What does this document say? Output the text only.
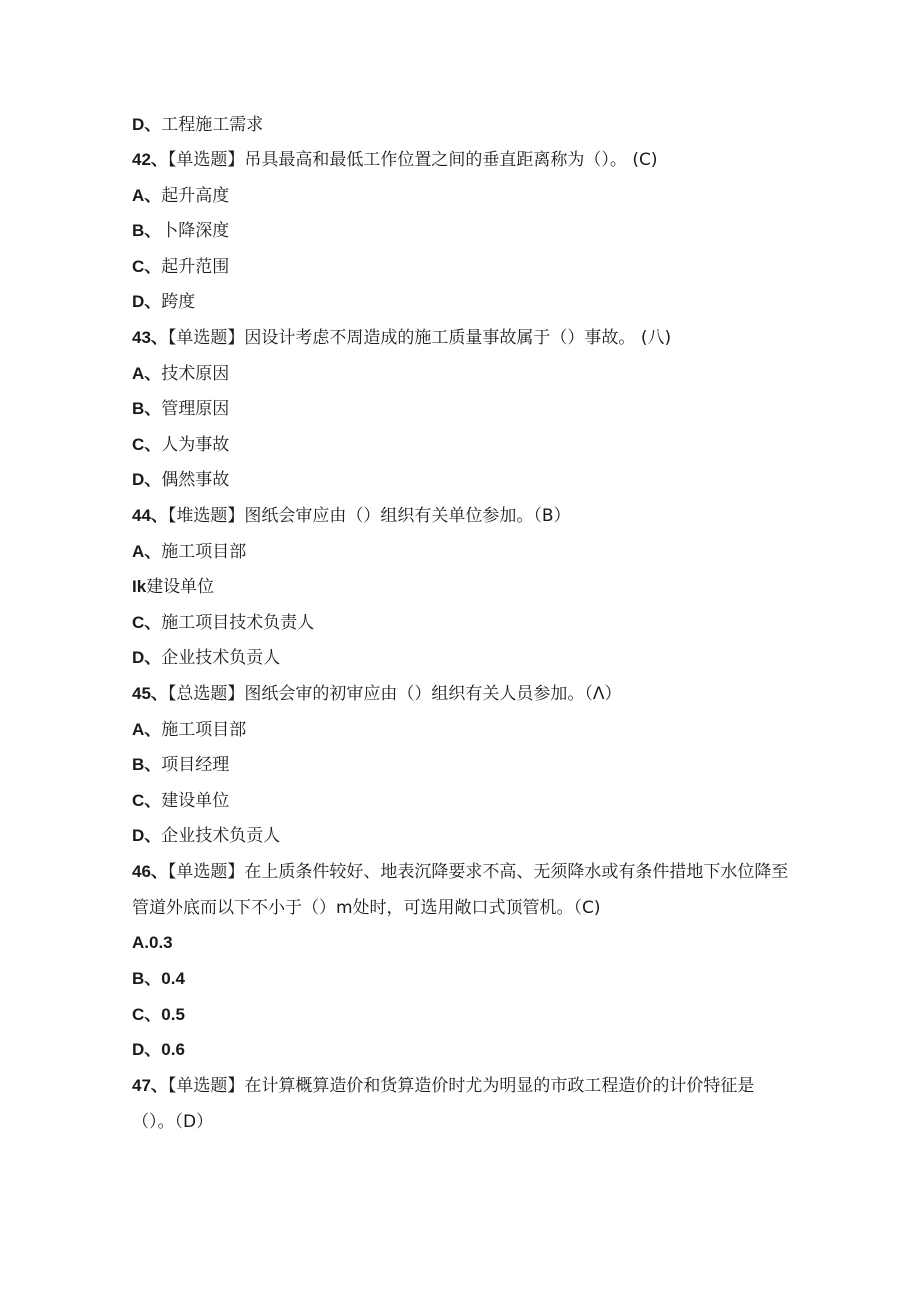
D、工程施工需求
42、【单选题】吊具最高和最低工作位置之间的垂直距离称为（）。 (C)
A、起升高度
B、卜降深度
C、起升范围
D、跨度
43、【单选题】因设计考虑不周造成的施工质量事故属于（）事故。 (八)
A、技术原因
B、管理原因
C、人为事故
D、偶然事故
44、【堆选题】图纸会审应由（）组织有关单位参加。（B）
A、施工项目部
Ik建设单位
C、施工项目技术负责人
D、企业技术负贡人
45、【总选题】图纸会审的初审应由（）组织有关人员参加。（Λ）
A、施工项目部
B、项目经理
C、建设单位
D、企业技术负贡人
46、【单选题】在上质条件较好、地表沉降要求不高、无须降水或有条件措地下水位降至管道外底而以下不小于（）m处时，可选用敞口式顶管机。（C)
A.0.3
B、0.4
C、0.5
D、0.6
47、【单选题】在计算概算造价和货算造价时尤为明显的市政工程造价的计价特征是（）。（D）
